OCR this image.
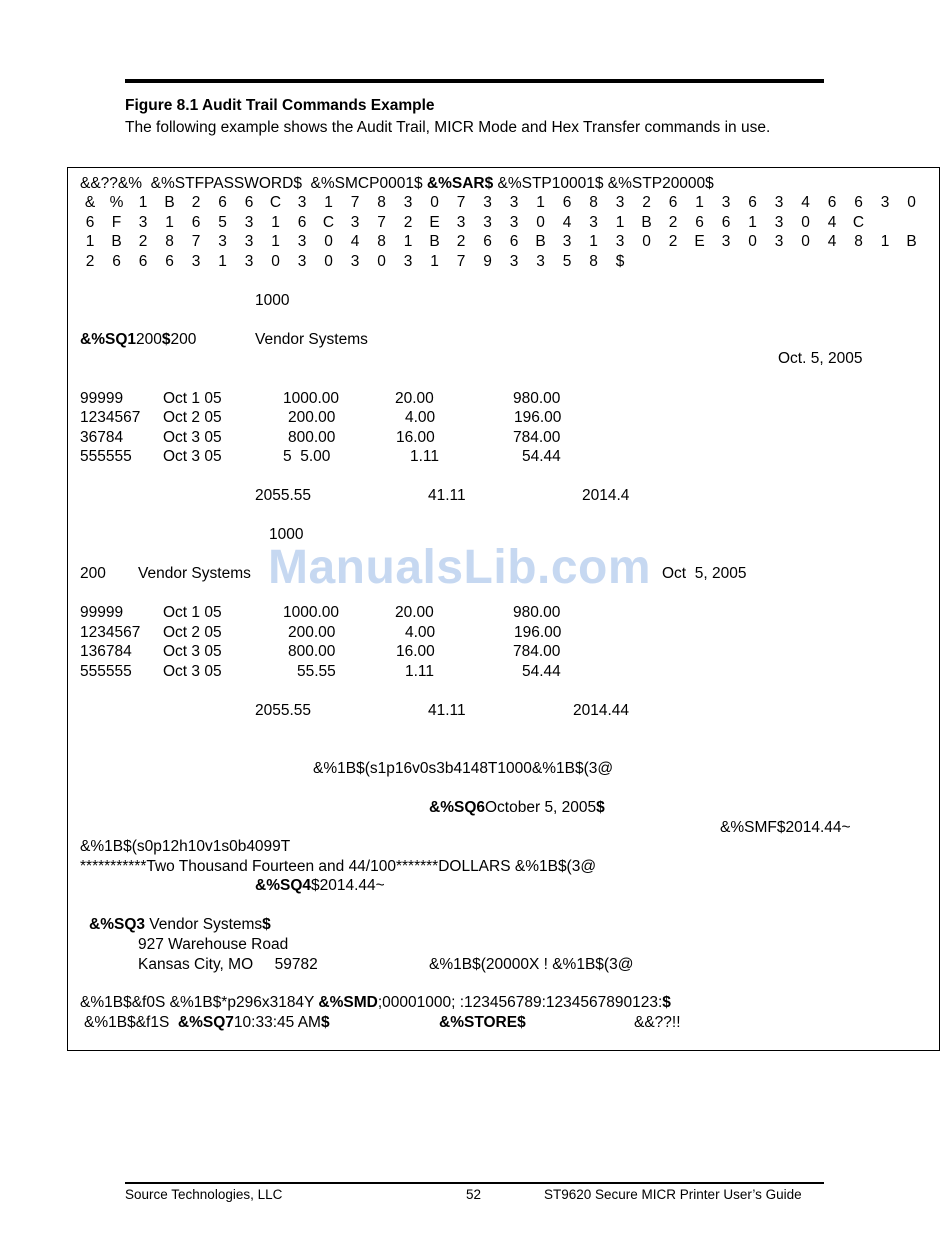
Figure 8.1 Audit Trail Commands Example
The following example shows the Audit Trail, MICR Mode and Hex Transfer commands in use.
&&??&%  &%STFPASSWORD$  &%SMCP0001$ &%SAR$ &%STP10001$ &%STP20000$
& % 1	B	2	6	6	C	3	1	7	8	3	0	7	3	3	1	6	8	3	2	6	1	3	6	3	4	6	6	3	0
6	F	3	1	6	5	3	1	6	C	3	7	2	E	3	3	3	0	4	3	1	B	2	6	6	1	3	0	4	C
1	B	2	8	7	3	3	1	3	0	4	8	1	B	2	6	6	B	3	1	3	0	2	E	3	0	3	0	4	8	1	B
2	6	6	6	3	1	3	0	3	0	3	0	3	1	7	9	3	3	5	8	$
1000
&%SQ1200$200	Vendor Systems
Oct. 5, 2005
99999	Oct 1 05	1000.00	20.00	980.00
1234567 Oct 2 05	200.00	4.00	196.00
36784	Oct 3 05	800.00	16.00	784.00
555555 Oct 3 05	5  5.00	1.11	54.44
2055.55	41.11	2014.4
1000
200 Vendor Systems	Oct  5, 2005
99999	Oct 1 05	1000.00	20.00	980.00
1234567 Oct 2 05	200.00	4.00	196.00
136784 Oct 3 05	800.00	16.00	784.00
555555 Oct 3 05	55.55	1.11	54.44
2055.55	41.11	2014.44
&%1B$(s1p16v0s3b4148T1000&%1B$(3@
&%SQ6October 5, 2005$
&%SMF$2014.44~
&%1B$(s0p12h10v1s0b4099T
***********Two Thousand Fourteen and 44/100*******DOLLARS &%1B$(3@
&%SQ4$2014.44~
&%SQ3 Vendor Systems$
927 Warehouse Road
Kansas City, MO     59782	&%1B$(20000X ! &%1B$(3@
&%1B$&f0S &%1B$*p296x3184Y &%SMD;00001000; :123456789:1234567890123:$
&%1B$&f1S  &%SQ710:33:45 AM$	&%STORE$	&&??!!
ManualsLib.com
Source Technologies, LLC	52	ST9620 Secure MICR Printer User’s Guide
